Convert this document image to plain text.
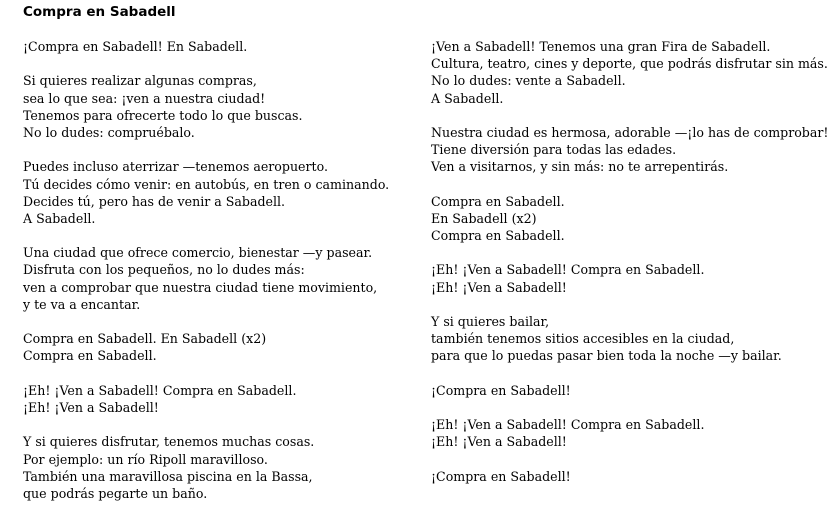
Compra en Sabadell
¡Compra en Sabadell! En Sabadell.
Si quieres realizar algunas compras,
sea lo que sea: ¡ven a nuestra ciudad!
Tenemos para ofrecerte todo lo que buscas.
No lo dudes: compruébalo.
Puedes incluso aterrizar —tenemos aeropuerto.
Tú decides cómo venir: en autobús, en tren o caminando.
Decides tú, pero has de venir a Sabadell.
A Sabadell.
Una ciudad que ofrece comercio, bienestar —y pasear.
Disfruta con los pequeños, no lo dudes más:
ven a comprobar que nuestra ciudad tiene movimiento,
y te va a encantar.
Compra en Sabadell. En Sabadell (x2)
Compra en Sabadell.
¡Eh! ¡Ven a Sabadell! Compra en Sabadell.
¡Eh! ¡Ven a Sabadell!
Y si quieres disfrutar, tenemos muchas cosas.
Por ejemplo: un río Ripoll maravilloso.
También una maravillosa piscina en la Bassa,
que podrás pegarte un baño.
¡Ven a Sabadell! Tenemos una gran Fira de Sabadell.
Cultura, teatro, cines y deporte, que podrás disfrutar sin más.
No lo dudes: vente a Sabadell.
A Sabadell.
Nuestra ciudad es hermosa, adorable —¡lo has de comprobar!
Tiene diversión para todas las edades.
Ven a visitarnos, y sin más: no te arrepentirás.
Compra en Sabadell.
En Sabadell (x2)
Compra en Sabadell.
¡Eh! ¡Ven a Sabadell! Compra en Sabadell.
¡Eh! ¡Ven a Sabadell!
Y si quieres bailar,
también tenemos sitios accesibles en la ciudad,
para que lo puedas pasar bien toda la noche —y bailar.
¡Compra en Sabadell!
¡Eh! ¡Ven a Sabadell! Compra en Sabadell.
¡Eh! ¡Ven a Sabadell!
¡Compra en Sabadell!
